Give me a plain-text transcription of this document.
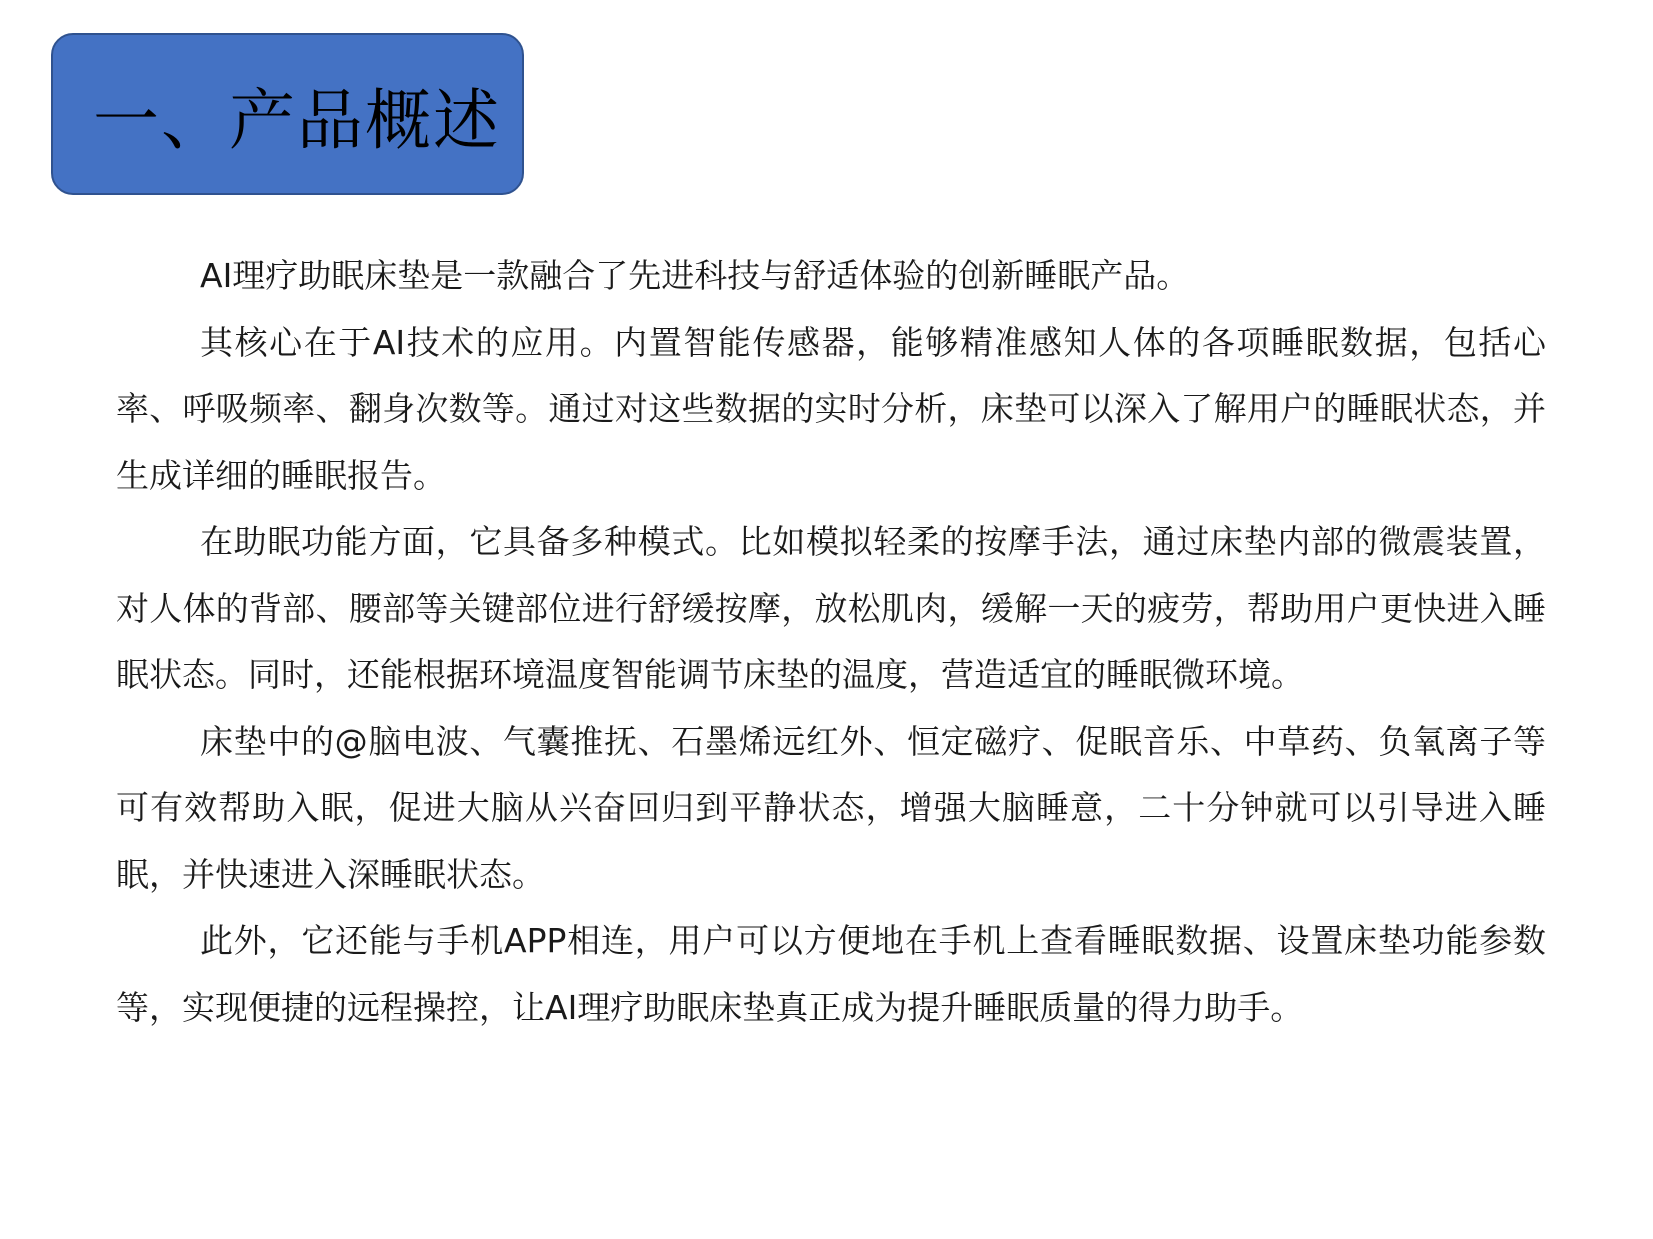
一、产品概述

AI理疗助眠床垫是一款融合了先进科技与舒适体验的创新睡眠产品。

其核心在于AI技术的应用。内置智能传感器，能够精准感知人体的各项睡眠数据，包括心率、呼吸频率、翻身次数等。通过对这些数据的实时分析，床垫可以深入了解用户的睡眠状态，并生成详细的睡眠报告。

在助眠功能方面，它具备多种模式。比如模拟轻柔的按摩手法，通过床垫内部的微震装置，对人体的背部、腰部等关键部位进行舒缓按摩，放松肌肉，缓解一天的疲劳，帮助用户更快进入睡眠状态。同时，还能根据环境温度智能调节床垫的温度，营造适宜的睡眠微环境。

床垫中的@脑电波、气囊推抚、石墨烯远红外、恒定磁疗、促眠音乐、中草药、负氧离子等可有效帮助入眠，促进大脑从兴奋回归到平静状态，增强大脑睡意，二十分钟就可以引导进入睡眠，并快速进入深睡眠状态。

此外，它还能与手机APP相连，用户可以方便地在手机上查看睡眠数据、设置床垫功能参数等，实现便捷的远程操控，让AI理疗助眠床垫真正成为提升睡眠质量的得力助手。
